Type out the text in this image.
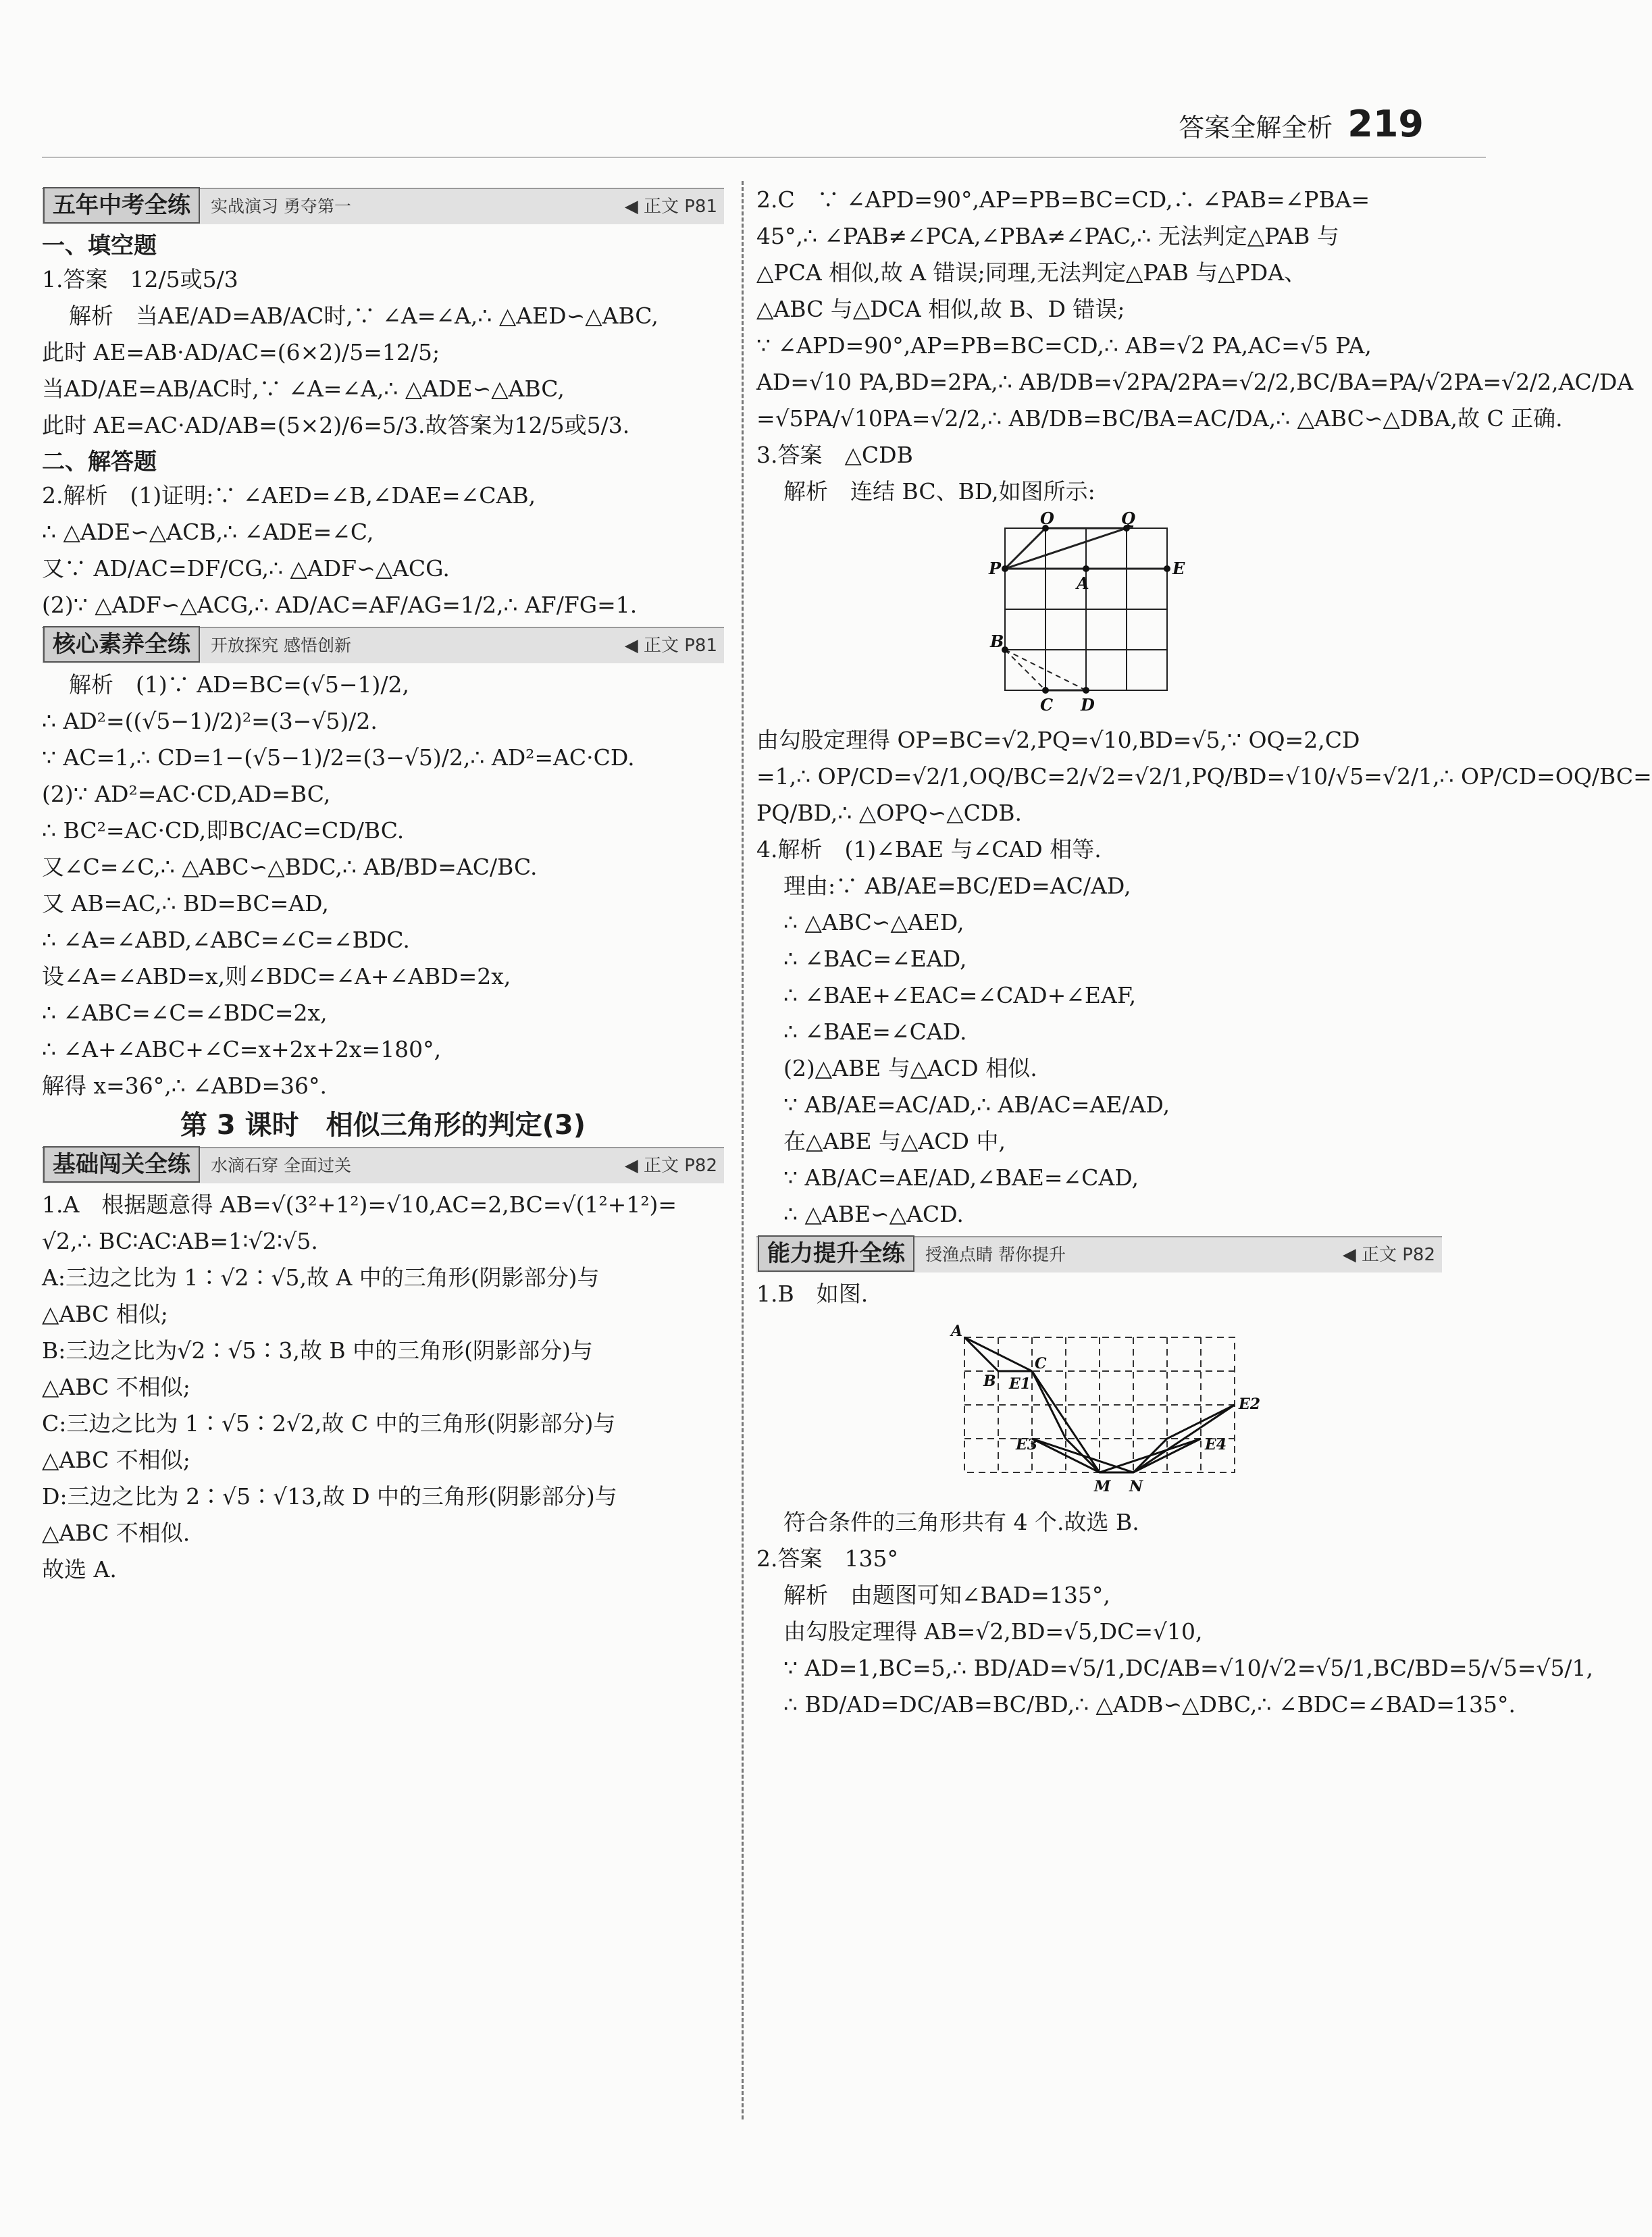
答案全解全析 219
五年中考全练	实战演习 勇夺第一	◀ 正文 P81
一、填空题
1.答案　12/5或5/3
解析　当AE/AD=AB/AC时,∵ ∠A=∠A,∴ △AED∽△ABC,
此时 AE=AB·AD/AC=(6×2)/5=12/5;
当AD/AE=AB/AC时,∵ ∠A=∠A,∴ △ADE∽△ABC,
此时 AE=AC·AD/AB=(5×2)/6=5/3.故答案为12/5或5/3.
二、解答题
2.解析　(1)证明:∵ ∠AED=∠B,∠DAE=∠CAB,
∴ △ADE∽△ACB,∴ ∠ADE=∠C,
又∵ AD/AC=DF/CG,∴ △ADF∽△ACG.
(2)∵ △ADF∽△ACG,∴ AD/AC=AF/AG=1/2,∴ AF/FG=1.
核心素养全练	开放探究 感悟创新	◀ 正文 P81
解析　(1)∵ AD=BC=(√5−1)/2,
∴ AD²=((√5−1)/2)²=(3−√5)/2.
∵ AC=1,∴ CD=1−(√5−1)/2=(3−√5)/2,∴ AD²=AC·CD.
(2)∵ AD²=AC·CD,AD=BC,
∴ BC²=AC·CD,即BC/AC=CD/BC.
又∠C=∠C,∴ △ABC∽△BDC,∴ AB/BD=AC/BC.
又 AB=AC,∴ BD=BC=AD,
∴ ∠A=∠ABD,∠ABC=∠C=∠BDC.
设∠A=∠ABD=x,则∠BDC=∠A+∠ABD=2x,
∴ ∠ABC=∠C=∠BDC=2x,
∴ ∠A+∠ABC+∠C=x+2x+2x=180°,
解得 x=36°,∴ ∠ABD=36°.
第 3 课时　相似三角形的判定(3)
基础闯关全练	水滴石穿 全面过关	◀ 正文 P82
1.A　根据题意得 AB=√(3²+1²)=√10,AC=2,BC=√(1²+1²)=
√2,∴ BC∶AC∶AB=1∶√2∶√5.
A:三边之比为 1∶√2∶√5,故 A 中的三角形(阴影部分)与
△ABC 相似;
B:三边之比为√2∶√5∶3,故 B 中的三角形(阴影部分)与
△ABC 不相似;
C:三边之比为 1∶√5∶2√2,故 C 中的三角形(阴影部分)与
△ABC 不相似;
D:三边之比为 2∶√5∶√13,故 D 中的三角形(阴影部分)与
△ABC 不相似.
故选 A.
2.C　∵ ∠APD=90°,AP=PB=BC=CD,∴ ∠PAB=∠PBA=
45°,∴ ∠PAB≠∠PCA,∠PBA≠∠PAC,∴ 无法判定△PAB 与
△PCA 相似,故 A 错误;同理,无法判定△PAB 与△PDA、
△ABC 与△DCA 相似,故 B、D 错误;
∵ ∠APD=90°,AP=PB=BC=CD,∴ AB=√2 PA,AC=√5 PA,
AD=√10 PA,BD=2PA,∴ AB/DB=√2PA/2PA=√2/2,BC/BA=PA/√2PA=√2/2,AC/DA
=√5PA/√10PA=√2/2,∴ AB/DB=BC/BA=AC/DA,∴ △ABC∽△DBA,故 C 正确.
3.答案　△CDB
解析　连结 BC、BD,如图所示:
O	Q
P	E
A
B
C D
由勾股定理得 OP=BC=√2,PQ=√10,BD=√5,∵ OQ=2,CD
=1,∴ OP/CD=√2/1,OQ/BC=2/√2=√2/1,PQ/BD=√10/√5=√2/1,∴ OP/CD=OQ/BC=
PQ/BD,∴ △OPQ∽△CDB.
4.解析　(1)∠BAE 与∠CAD 相等.
理由:∵ AB/AE=BC/ED=AC/AD,
∴ △ABC∽△AED,
∴ ∠BAC=∠EAD,
∴ ∠BAE+∠EAC=∠CAD+∠EAF,
∴ ∠BAE=∠CAD.
(2)△ABE 与△ACD 相似.
∵ AB/AE=AC/AD,∴ AB/AC=AE/AD,
在△ABE 与△ACD 中,
∵ AB/AC=AE/AD,∠BAE=∠CAD,
∴ △ABE∽△ACD.
能力提升全练	授渔点睛 帮你提升	◀ 正文 P82
1.B　如图.
A
B
C
E1
E2
E3	E4
M N
符合条件的三角形共有 4 个.故选 B.
2.答案　135°
解析　由题图可知∠BAD=135°,
由勾股定理得 AB=√2,BD=√5,DC=√10,
∵ AD=1,BC=5,∴ BD/AD=√5/1,DC/AB=√10/√2=√5/1,BC/BD=5/√5=√5/1,
∴ BD/AD=DC/AB=BC/BD,∴ △ADB∽△DBC,∴ ∠BDC=∠BAD=135°.
